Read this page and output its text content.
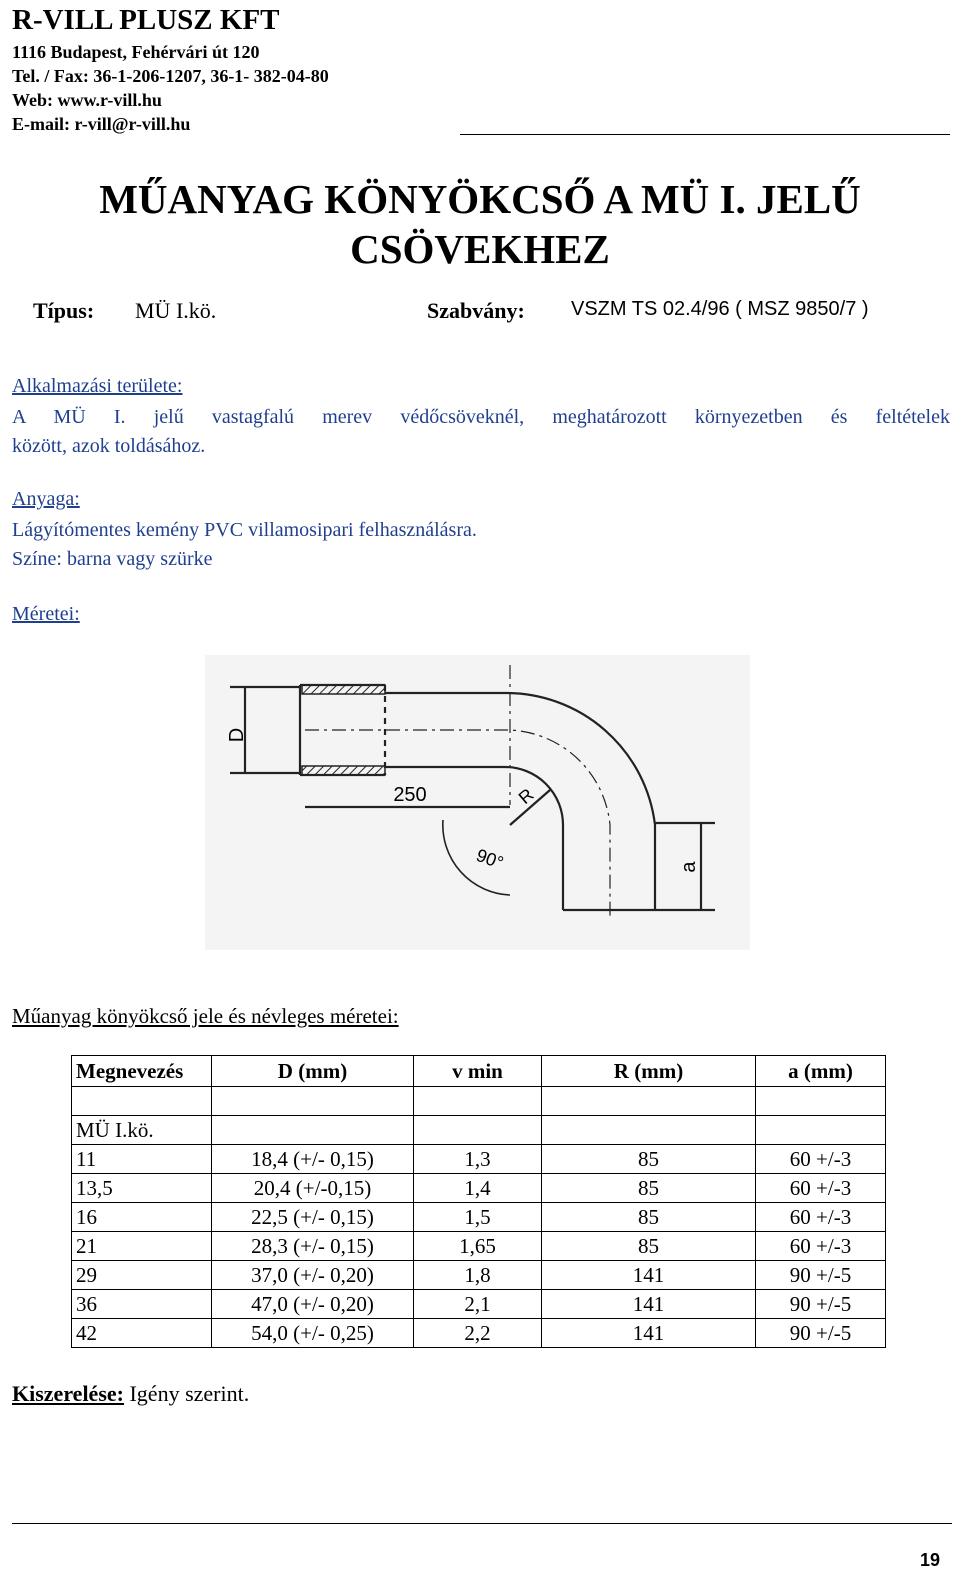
R-VILL PLUSZ KFT
1116 Budapest, Fehérvári út 120
Tel. / Fax: 36-1-206-1207, 36-1- 382-04-80
Web: www.r-vill.hu
E-mail: r-vill@r-vill.hu
MŰANYAG KÖNYÖKCSŐ A MÜ I. JELŰ
CSÖVEKHEZ
Típus: MÜ I.kö.	Szabvány: VSZM TS 02.4/96 ( MSZ 9850/7 )
Alkalmazási területe:
A MÜ I. jelű vastagfalú merev védőcsöveknél, meghatározott környezetben és feltételek
között, azok toldásához.
Anyaga:
Lágyítómentes kemény PVC villamosipari felhasználásra.
Színe: barna vagy szürke
Méretei:
D
250	R
90°	a
Műanyag könyökcső jele és névleges méretei:
Megnevezés	D (mm)	v min	R (mm)	a (mm)

MÜ I.kö.				
11	18,4 (+/- 0,15)	1,3	85	60 +/-3
13,5	20,4 (+/-0,15)	1,4	85	60 +/-3
16	22,5 (+/- 0,15)	1,5	85	60 +/-3
21	28,3 (+/- 0,15)	1,65	85	60 +/-3
29	37,0 (+/- 0,20)	1,8	141	90 +/-5
36	47,0 (+/- 0,20)	2,1	141	90 +/-5
42	54,0 (+/- 0,25)	2,2	141	90 +/-5
Kiszerelése: Igény szerint.
19
